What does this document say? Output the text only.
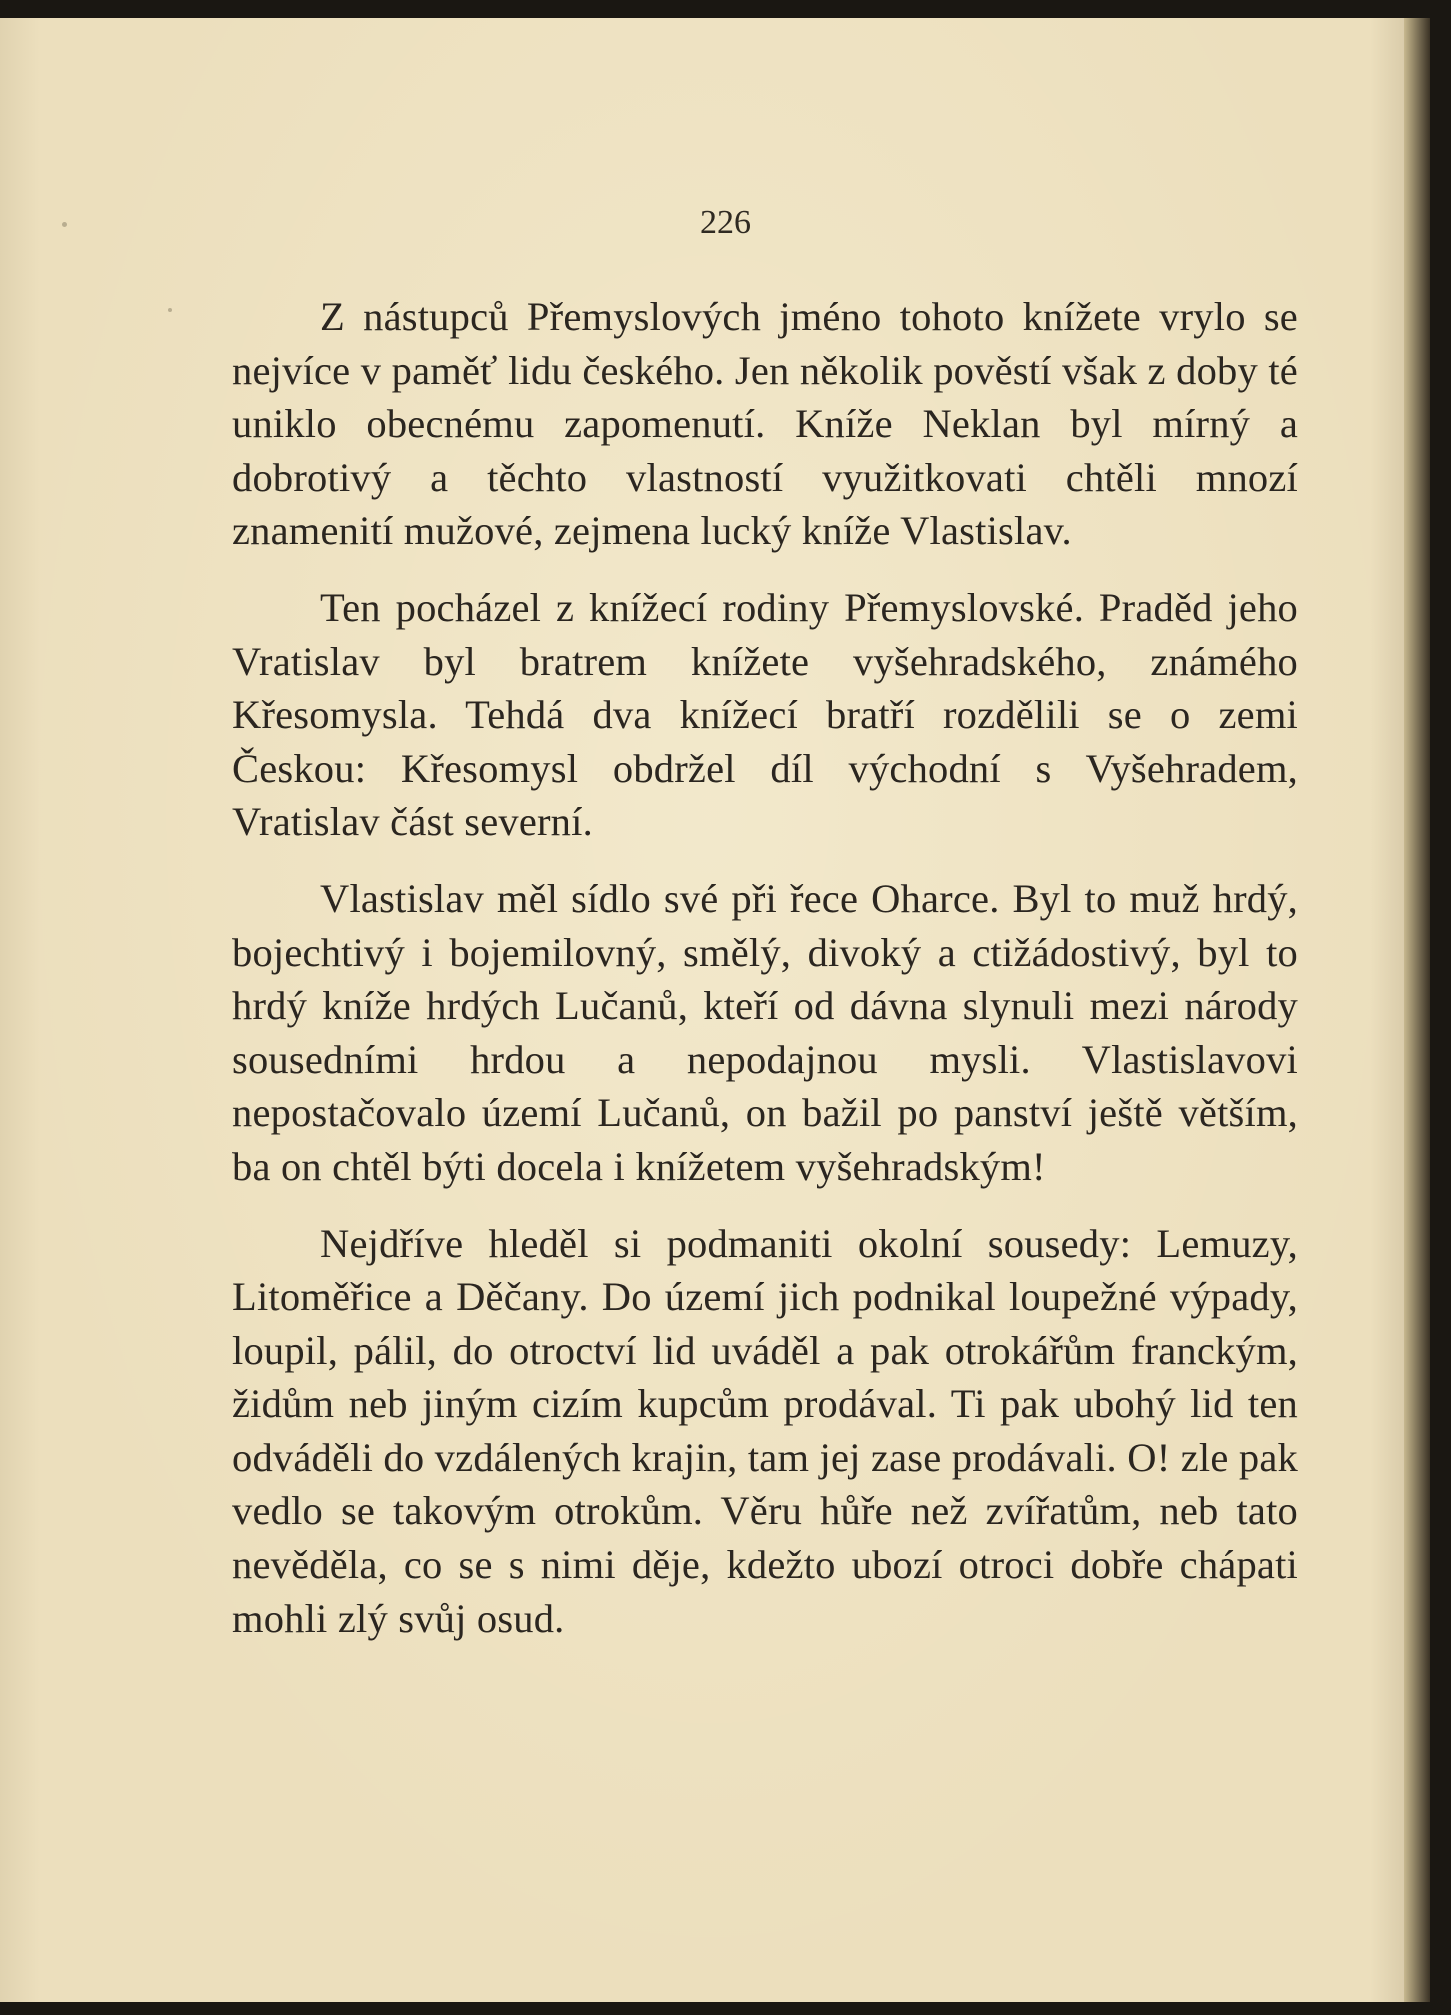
226

Z nástupců Přemyslových jméno tohoto knížete vrylo se nejvíce v paměť lidu českého. Jen několik pověstí však z doby té uniklo obecnému zapomenutí. Kníže Neklan byl mírný a dobrotivý a těchto vlastností využitkovati chtěli mnozí znamenití mužové, zejmena lucký kníže Vlastislav.

Ten pocházel z knížecí rodiny Přemyslovské. Praděd jeho Vratislav byl bratrem knížete vyšehradského, známého Křesomysla. Tehdá dva knížecí bratří rozdělili se o zemi Českou: Křesomysl obdržel díl východní s Vyšehradem, Vratislav část severní.

Vlastislav měl sídlo své při řece Oharce. Byl to muž hrdý, bojechtivý i bojemilovný, smělý, divoký a ctižádostivý, byl to hrdý kníže hrdých Lučanů, kteří od dávna slynuli mezi národy sousedními hrdou a nepodajnou mysli. Vlastislavovi nepostačovalo území Lučanů, on bažil po panství ještě větším, ba on chtěl býti docela i knížetem vyšehradským!

Nejdříve hleděl si podmaniti okolní sousedy: Lemuzy, Litoměřice a Děčany. Do území jich podnikal loupežné výpady, loupil, pálil, do otroctví lid uváděl a pak otrokářům franckým, židům neb jiným cizím kupcům prodával. Ti pak ubohý lid ten odváděli do vzdálených krajin, tam jej zase prodávali. O! zle pak vedlo se takovým otrokům. Věru hůře než zvířatům, neb tato nevěděla, co se s nimi děje, kdežto ubozí otroci dobře chápati mohli zlý svůj osud.
